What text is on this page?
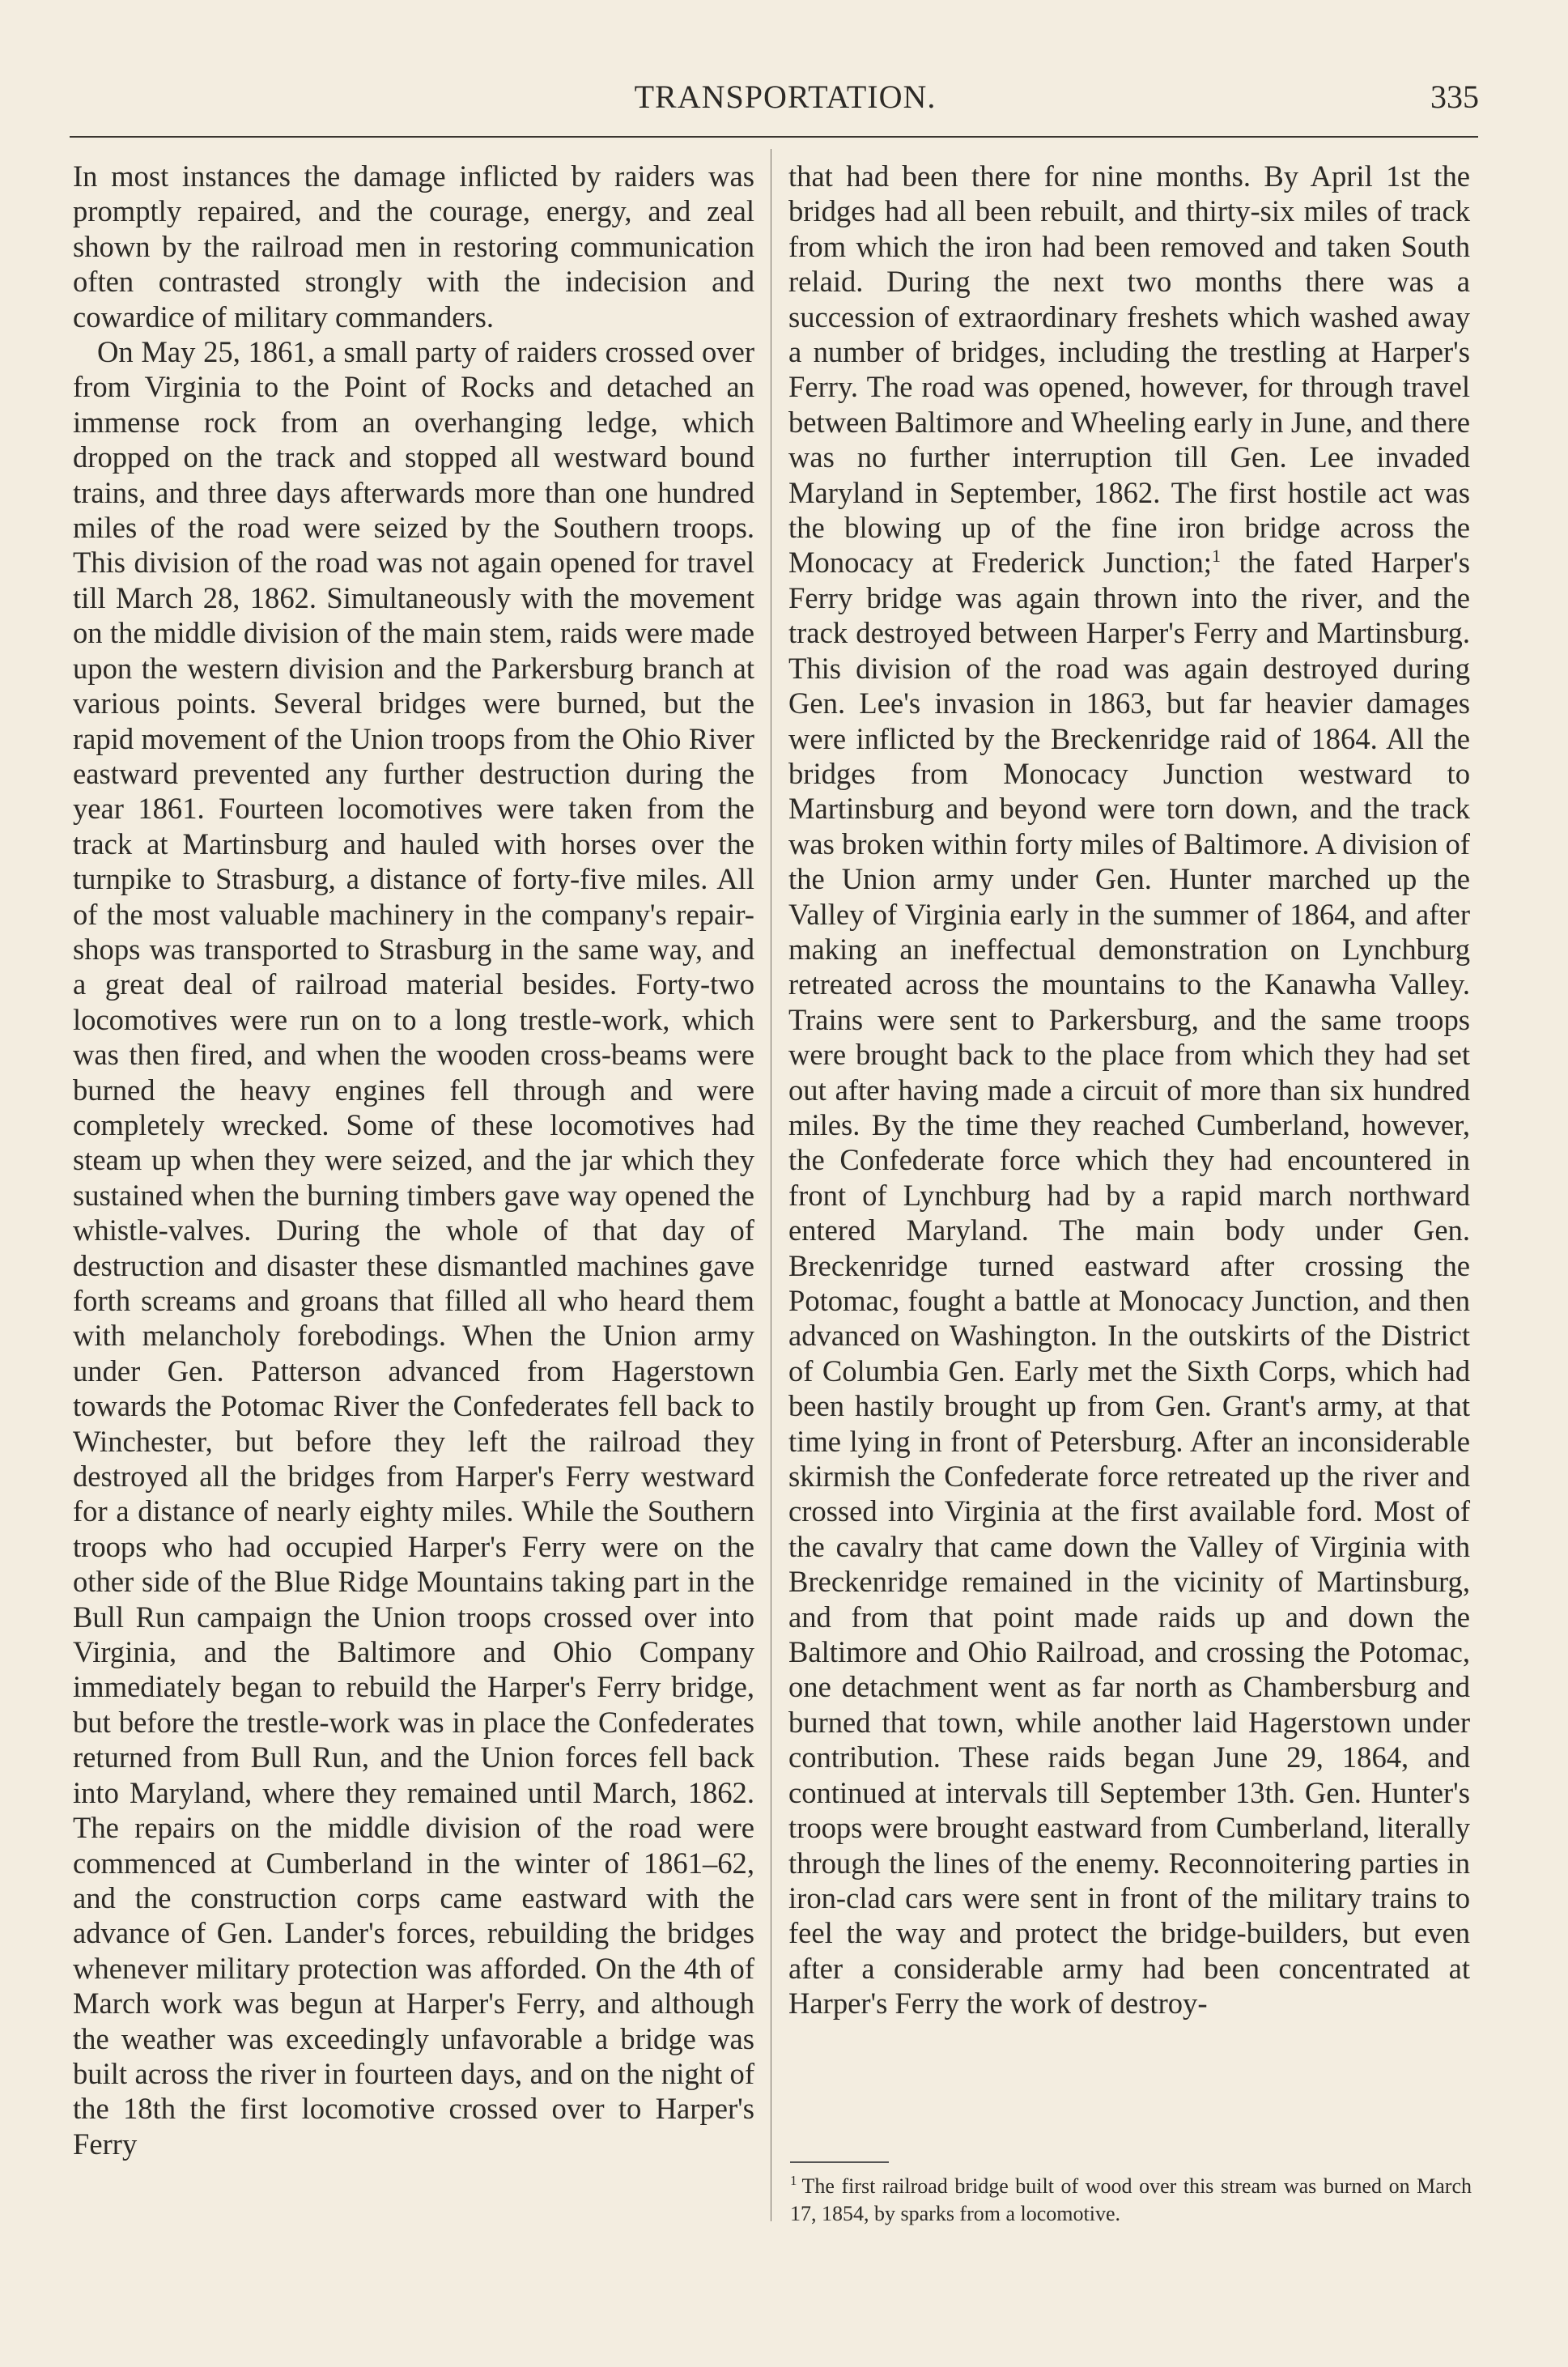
TRANSPORTATION.	335

In most instances the damage inflicted by raiders was promptly repaired, and the courage, energy, and zeal shown by the railroad men in restoring communication often contrasted strongly with the indecision and cowardice of military commanders.

On May 25, 1861, a small party of raiders crossed over from Virginia to the Point of Rocks and detached an immense rock from an overhanging ledge, which dropped on the track and stopped all westward bound trains, and three days afterwards more than one hundred miles of the road were seized by the Southern troops. This division of the road was not again opened for travel till March 28, 1862. Simultaneously with the movement on the middle division of the main stem, raids were made upon the western division and the Parkersburg branch at various points. Several bridges were burned, but the rapid movement of the Union troops from the Ohio River eastward prevented any further destruction during the year 1861. Fourteen locomotives were taken from the track at Martinsburg and hauled with horses over the turnpike to Strasburg, a distance of forty-five miles. All of the most valuable machinery in the company's repair-shops was transported to Strasburg in the same way, and a great deal of railroad material besides. Forty-two locomotives were run on to a long trestle-work, which was then fired, and when the wooden cross-beams were burned the heavy engines fell through and were completely wrecked. Some of these locomotives had steam up when they were seized, and the jar which they sustained when the burning timbers gave way opened the whistle-valves. During the whole of that day of destruction and disaster these dismantled machines gave forth screams and groans that filled all who heard them with melancholy forebodings. When the Union army under Gen. Patterson advanced from Hagerstown towards the Potomac River the Confederates fell back to Winchester, but before they left the railroad they destroyed all the bridges from Harper's Ferry westward for a distance of nearly eighty miles. While the Southern troops who had occupied Harper's Ferry were on the other side of the Blue Ridge Mountains taking part in the Bull Run campaign the Union troops crossed over into Virginia, and the Baltimore and Ohio Company immediately began to rebuild the Harper's Ferry bridge, but before the trestle-work was in place the Confederates returned from Bull Run, and the Union forces fell back into Maryland, where they remained until March, 1862. The repairs on the middle division of the road were commenced at Cumberland in the winter of 1861–62, and the construction corps came eastward with the advance of Gen. Lander's forces, rebuilding the bridges whenever military protection was afforded. On the 4th of March work was begun at Harper's Ferry, and although the weather was exceedingly unfavorable a bridge was built across the river in fourteen days, and on the night of the 18th the first locomotive crossed over to Harper's Ferry

that had been there for nine months. By April 1st the bridges had all been rebuilt, and thirty-six miles of track from which the iron had been removed and taken South relaid. During the next two months there was a succession of extraordinary freshets which washed away a number of bridges, including the trestling at Harper's Ferry. The road was opened, however, for through travel between Baltimore and Wheeling early in June, and there was no further interruption till Gen. Lee invaded Maryland in September, 1862. The first hostile act was the blowing up of the fine iron bridge across the Monocacy at Frederick Junction;$^1$ the fated Harper's Ferry bridge was again thrown into the river, and the track destroyed between Harper's Ferry and Martinsburg. This division of the road was again destroyed during Gen. Lee's invasion in 1863, but far heavier damages were inflicted by the Breckenridge raid of 1864. All the bridges from Monocacy Junction westward to Martinsburg and beyond were torn down, and the track was broken within forty miles of Baltimore. A division of the Union army under Gen. Hunter marched up the Valley of Virginia early in the summer of 1864, and after making an ineffectual demonstration on Lynchburg retreated across the mountains to the Kanawha Valley. Trains were sent to Parkersburg, and the same troops were brought back to the place from which they had set out after having made a circuit of more than six hundred miles. By the time they reached Cumberland, however, the Confederate force which they had encountered in front of Lynchburg had by a rapid march northward entered Maryland. The main body under Gen. Breckenridge turned eastward after crossing the Potomac, fought a battle at Monocacy Junction, and then advanced on Washington. In the outskirts of the District of Columbia Gen. Early met the Sixth Corps, which had been hastily brought up from Gen. Grant's army, at that time lying in front of Petersburg. After an inconsiderable skirmish the Confederate force retreated up the river and crossed into Virginia at the first available ford. Most of the cavalry that came down the Valley of Virginia with Breckenridge remained in the vicinity of Martinsburg, and from that point made raids up and down the Baltimore and Ohio Railroad, and crossing the Potomac, one detachment went as far north as Chambersburg and burned that town, while another laid Hagerstown under contribution. These raids began June 29, 1864, and continued at intervals till September 13th. Gen. Hunter's troops were brought eastward from Cumberland, literally through the lines of the enemy. Reconnoitering parties in iron-clad cars were sent in front of the military trains to feel the way and protect the bridge-builders, but even after a considerable army had been concentrated at Harper's Ferry the work of destroy-

$^1$ The first railroad bridge built of wood over this stream was burned on March 17, 1854, by sparks from a locomotive.
